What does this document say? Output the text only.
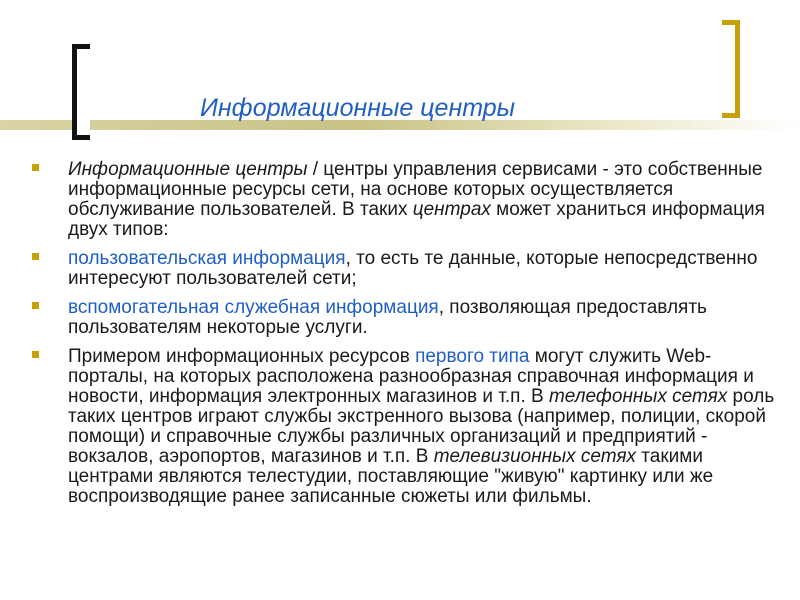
Информационные центры
Информационные центры / центры управления сервисами - это собственные информационные ресурсы сети, на основе которых осуществляется обслуживание пользователей. В таких центрах может храниться информация двух типов:
пользовательская информация, то есть те данные, которые непосредственно интересуют пользователей сети;
вспомогательная служебная информация, позволяющая предоставлять пользователям некоторые услуги.
Примером информационных ресурсов первого типа могут служить Web-порталы, на которых расположена разнообразная справочная информация и новости, информация электронных магазинов и т.п. В телефонных сетях роль таких центров играют службы экстренного вызова (например, полиции, скорой помощи) и справочные службы различных организаций и предприятий - вокзалов, аэропортов, магазинов и т.п. В телевизионных сетях такими центрами являются телестудии, поставляющие "живую" картинку или же воспроизводящие ранее записанные сюжеты или фильмы.
